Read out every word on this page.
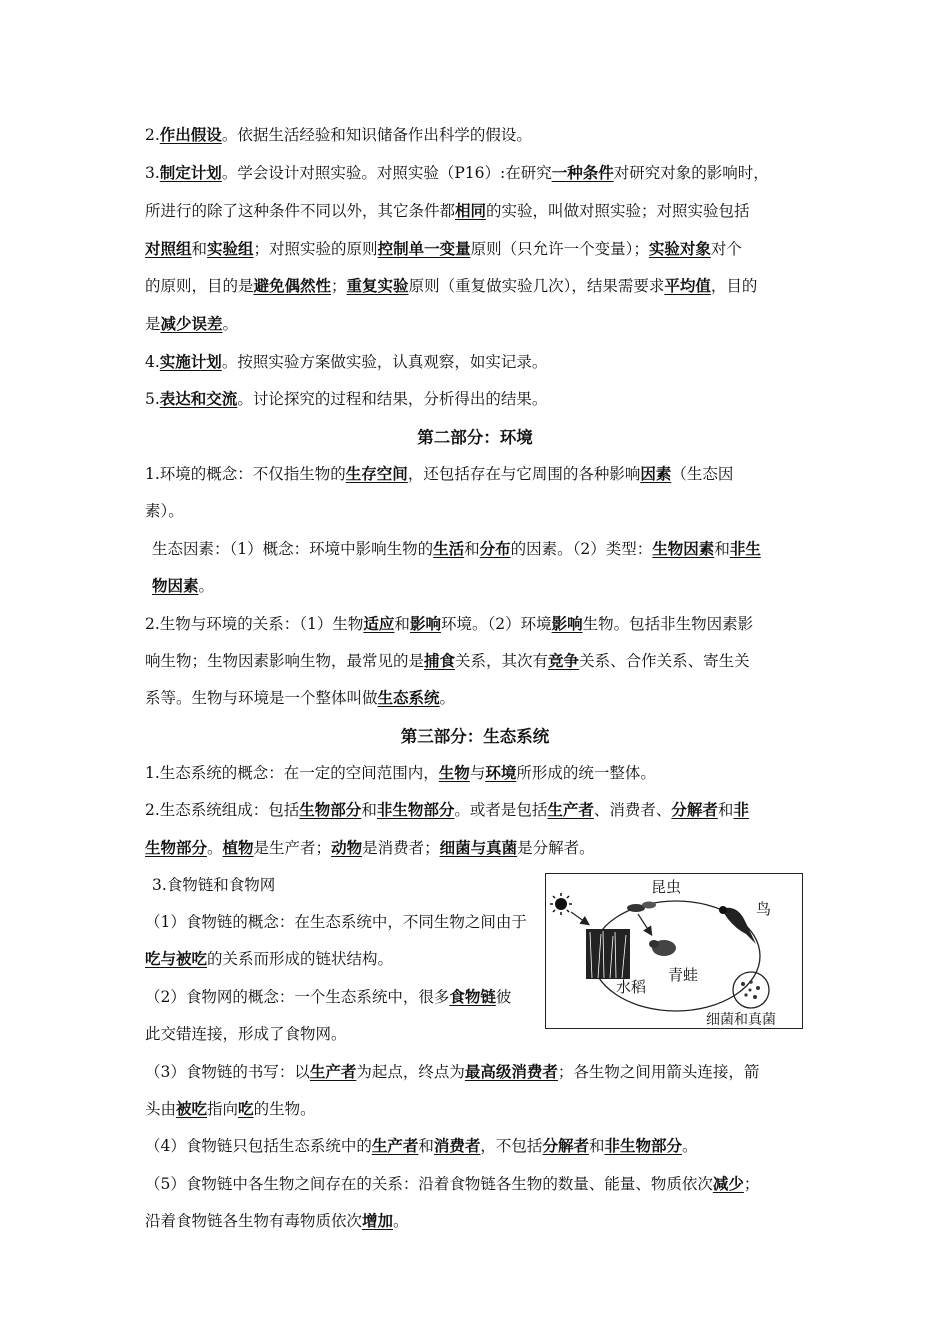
2.作出假设。依据生活经验和知识储备作出科学的假设。
3.制定计划。学会设计对照实验。对照实验（P16）:在研究一种条件对研究对象的影响时，
所进行的除了这种条件不同以外，其它条件都相同的实验，叫做对照实验；对照实验包括
对照组和实验组；对照实验的原则控制单一变量原则（只允许一个变量）；实验对象对个
的原则，目的是避免偶然性；重复实验原则（重复做实验几次），结果需要求平均值，目的
是减少误差。
4.实施计划。按照实验方案做实验，认真观察，如实记录。
5.表达和交流。讨论探究的过程和结果，分析得出的结果。
第二部分：环境
1.环境的概念：不仅指生物的生存空间，还包括存在与它周围的各种影响因素（生态因
素）。
生态因素：（1）概念：环境中影响生物的生活和分布的因素。（2）类型：生物因素和非生
物因素。
2.生物与环境的关系：（1）生物适应和影响环境。（2）环境影响生物。包括非生物因素影
响生物；生物因素影响生物，最常见的是捕食关系，其次有竞争关系、合作关系、寄生关
系等。生物与环境是一个整体叫做生态系统。
第三部分：生态系统
1.生态系统的概念：在一定的空间范围内，生物与环境所形成的统一整体。
2.生态系统组成：包括生物部分和非生物部分。或者是包括生产者、消费者、分解者和非
生物部分。植物是生产者；动物是消费者；细菌与真菌是分解者。
3.食物链和食物网
（1）食物链的概念：在生态系统中，不同生物之间由于
吃与被吃的关系而形成的链状结构。
（2）食物网的概念：一个生态系统中，很多食物链彼
此交错连接，形成了食物网。
（3）食物链的书写：以生产者为起点，终点为最高级消费者；各生物之间用箭头连接，箭
头由被吃指向吃的生物。
（4）食物链只包括生态系统中的生产者和消费者，不包括分解者和非生物部分。
（5）食物链中各生物之间存在的关系：沿着食物链各生物的数量、能量、物质依次减少；
沿着食物链各生物有毒物质依次增加。
昆虫
鸟
水稻
青蛙
细菌和真菌
